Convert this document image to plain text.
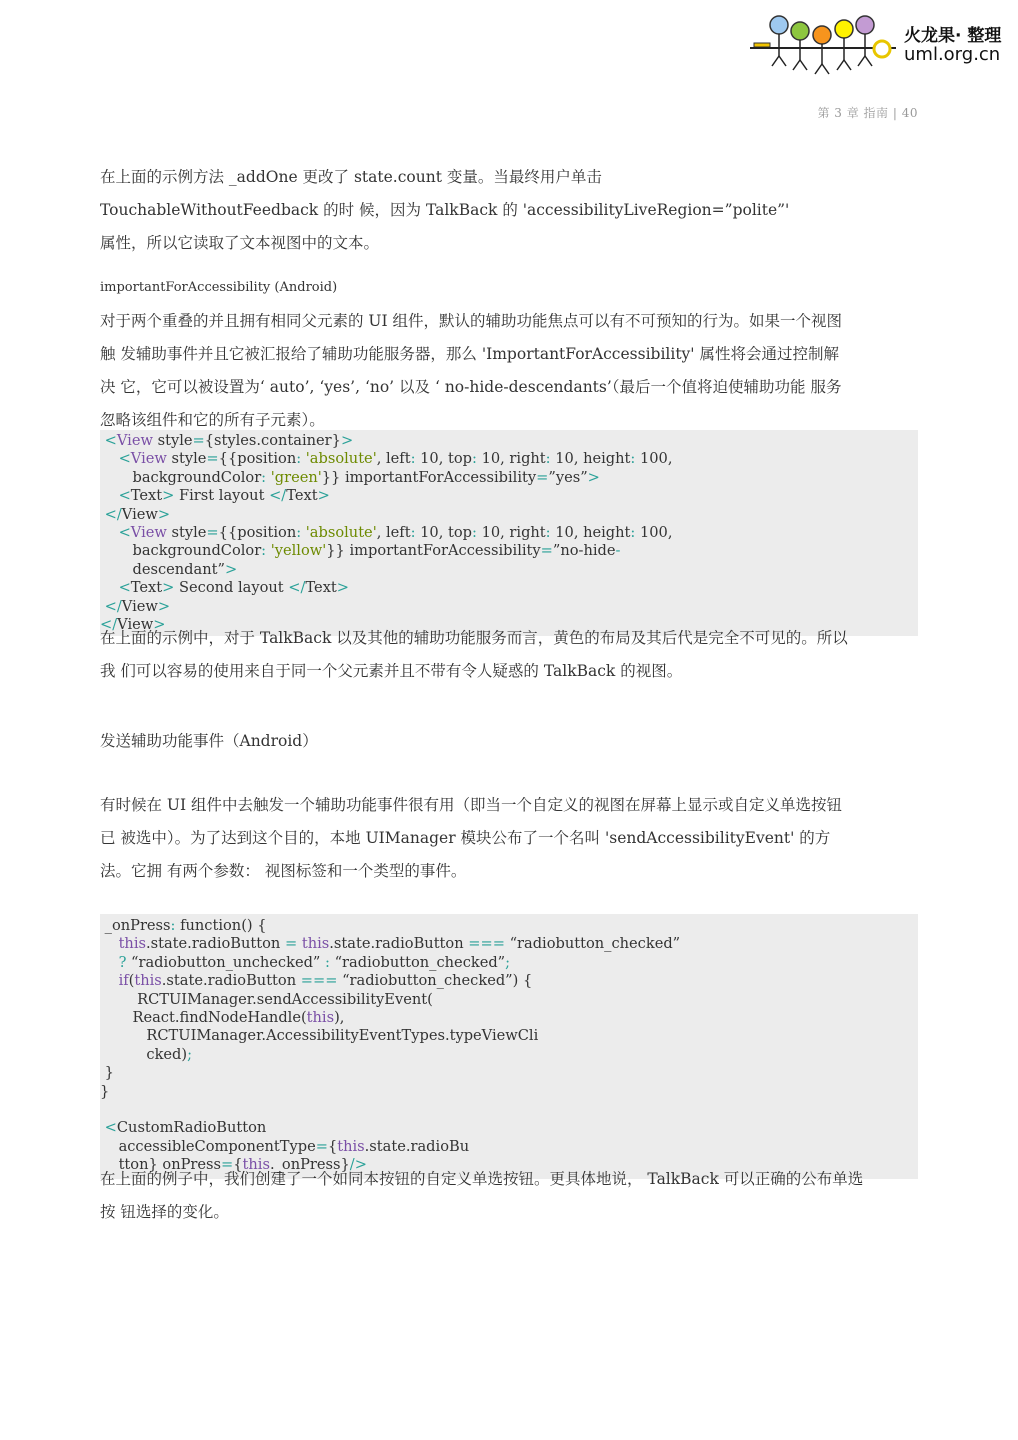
火龙果· 整理
uml.org.cn
第 3 章 指南 | 40
在上面的示例方法 _addOne 更改了 state.count 变量。当最终用户单击
TouchableWithoutFeedback 的时 候，因为 TalkBack 的 'accessibilityLiveRegion=”polite”'
属性，所以它读取了文本视图中的文本。
importantForAccessibility (Android)
对于两个重叠的并且拥有相同父元素的 UI 组件，默认的辅助功能焦点可以有不可预知的行为。如果一个视图
触 发辅助事件并且它被汇报给了辅助功能服务器，那么 'ImportantForAccessibility' 属性将会通过控制解
决 它，它可以被设置为‘ auto’, ‘yes’, ‘no’ 以及 ‘ no-hide-descendants’（最后一个值将迫使辅助功能 服务
忽略该组件和它的所有子元素）。
<View style={styles.container}>
<View style={{position: 'absolute', left: 10, top: 10, right: 10, height: 100,
backgroundColor: 'green'}} importantForAccessibility=”yes”>
<Text> First layout </Text>
</View>
<View style={{position: 'absolute', left: 10, top: 10, right: 10, height: 100,
backgroundColor: 'yellow'}} importantForAccessibility=”no-hide-
descendant”>
<Text> Second layout </Text>
</View>
</View>
在上面的示例中，对于 TalkBack 以及其他的辅助功能服务而言，黄色的布局及其后代是完全不可见的。所以
我 们可以容易的使用来自于同一个父元素并且不带有令人疑惑的 TalkBack 的视图。
发送辅助功能事件（Android）
有时候在 UI 组件中去触发一个辅助功能事件很有用（即当一个自定义的视图在屏幕上显示或自定义单选按钮
已 被选中）。为了达到这个目的，本地 UIManager 模块公布了一个名叫 'sendAccessibilityEvent' 的方
法。它拥 有两个参数： 视图标签和一个类型的事件。
_onPress: function() {
this.state.radioButton = this.state.radioButton === “radiobutton_checked”
? “radiobutton_unchecked” : “radiobutton_checked”;
if(this.state.radioButton === “radiobutton_checked”) {
RCTUIManager.sendAccessibilityEvent(
React.findNodeHandle(this),
RCTUIManager.AccessibilityEventTypes.typeViewCli
cked);
}
}

<CustomRadioButton
accessibleComponentType={this.state.radioBu
tton} onPress={this._onPress}/>
在上面的例子中，我们创建了一个如同本按钮的自定义单选按钮。更具体地说， TalkBack 可以正确的公布单选
按 钮选择的变化。
